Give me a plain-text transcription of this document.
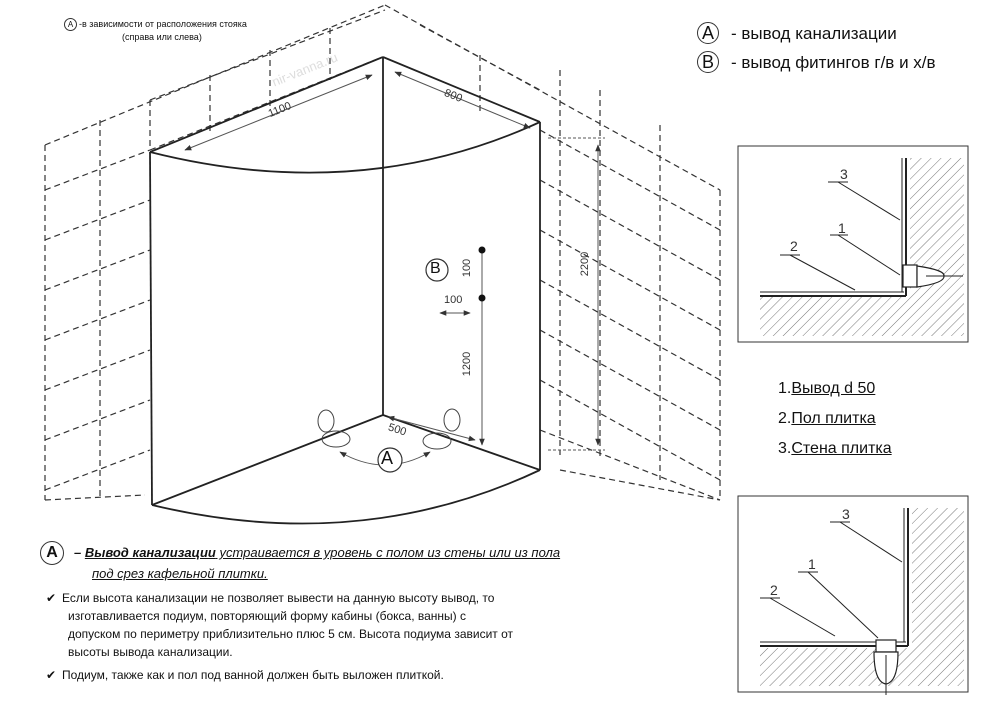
A -в зависимости от расположения стояка
(справа или слева)	A - вывод канализации
B - вывод фитингов г/в и х/в
nir-vanna.ru
1100
800
2200
100
100
1200
500
B
A
3
1
2
3
1
2
1.Вывод d 50
2.Пол плитка
3.Стена плитка
A – Вывод канализации устраивается в уровень с полом из стены или из пола
под срез кафельной плитки.
✔ Если высота канализации не позволяет вывести на данную высоту вывод, то
изготавливается подиум, повторяющий форму кабины (бокса, ванны) с
допуском по периметру приблизительно плюс 5 см. Высота подиума зависит от
высоты вывода канализации.
✔ Подиум, также как и пол под ванной должен быть выложен плиткой.
